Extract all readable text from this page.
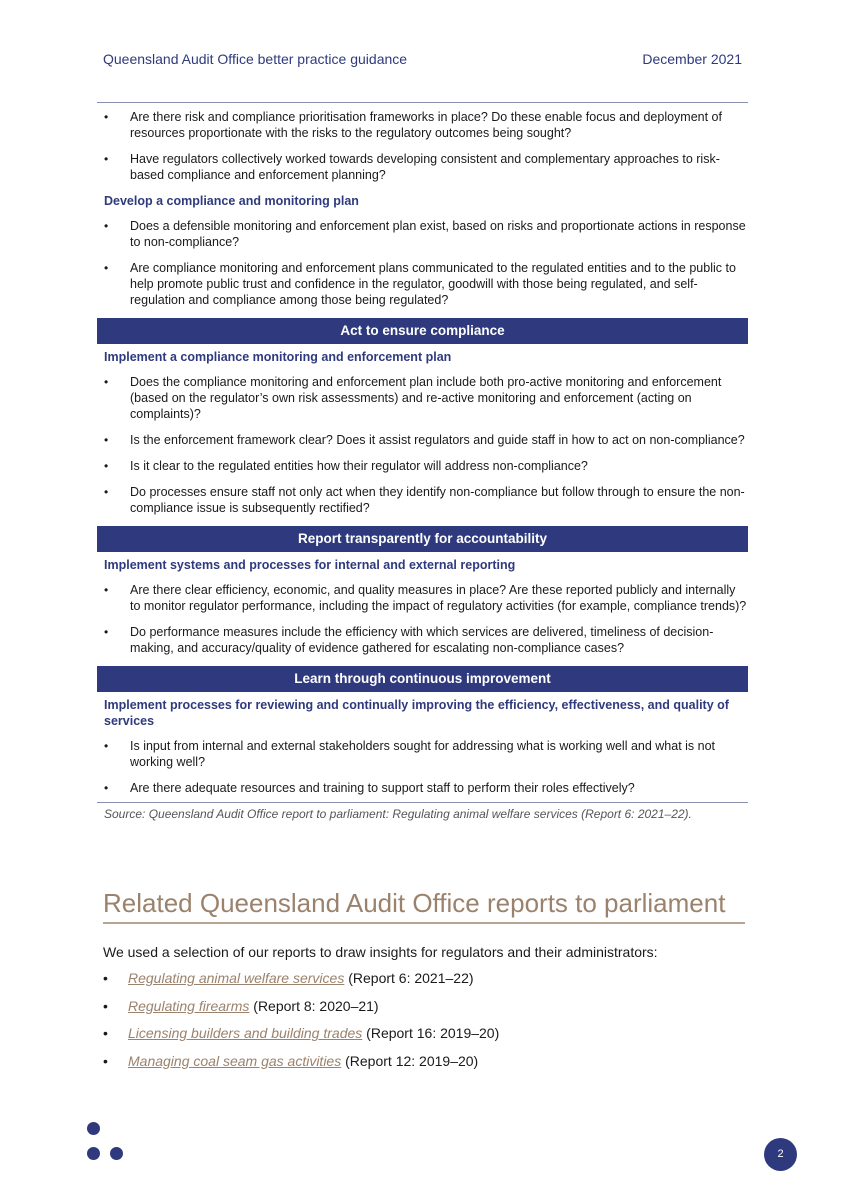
Queensland Audit Office better practice guidance	December 2021
• Are there risk and compliance prioritisation frameworks in place? Do these enable focus and deployment of resources proportionate with the risks to the regulatory outcomes being sought?
• Have regulators collectively worked towards developing consistent and complementary approaches to risk-based compliance and enforcement planning?
Develop a compliance and monitoring plan
• Does a defensible monitoring and enforcement plan exist, based on risks and proportionate actions in response to non-compliance?
• Are compliance monitoring and enforcement plans communicated to the regulated entities and to the public to help promote public trust and confidence in the regulator, goodwill with those being regulated, and self-regulation and compliance among those being regulated?
Act to ensure compliance
Implement a compliance monitoring and enforcement plan
• Does the compliance monitoring and enforcement plan include both pro-active monitoring and enforcement (based on the regulator’s own risk assessments) and re-active monitoring and enforcement (acting on complaints)?
• Is the enforcement framework clear? Does it assist regulators and guide staff in how to act on non-compliance?
• Is it clear to the regulated entities how their regulator will address non-compliance?
• Do processes ensure staff not only act when they identify non-compliance but follow through to ensure the non-compliance issue is subsequently rectified?
Report transparently for accountability
Implement systems and processes for internal and external reporting
• Are there clear efficiency, economic, and quality measures in place? Are these reported publicly and internally to monitor regulator performance, including the impact of regulatory activities (for example, compliance trends)?
• Do performance measures include the efficiency with which services are delivered, timeliness of decision-making, and accuracy/quality of evidence gathered for escalating non-compliance cases?
Learn through continuous improvement
Implement processes for reviewing and continually improving the efficiency, effectiveness, and quality of services
• Is input from internal and external stakeholders sought for addressing what is working well and what is not working well?
• Are there adequate resources and training to support staff to perform their roles effectively?
Source: Queensland Audit Office report to parliament: Regulating animal welfare services (Report 6: 2021–22).
Related Queensland Audit Office reports to parliament
We used a selection of our reports to draw insights for regulators and their administrators:
• Regulating animal welfare services (Report 6: 2021–22)
• Regulating firearms (Report 8: 2020–21)
• Licensing builders and building trades (Report 16: 2019–20)
• Managing coal seam gas activities (Report 12: 2019–20)
2
